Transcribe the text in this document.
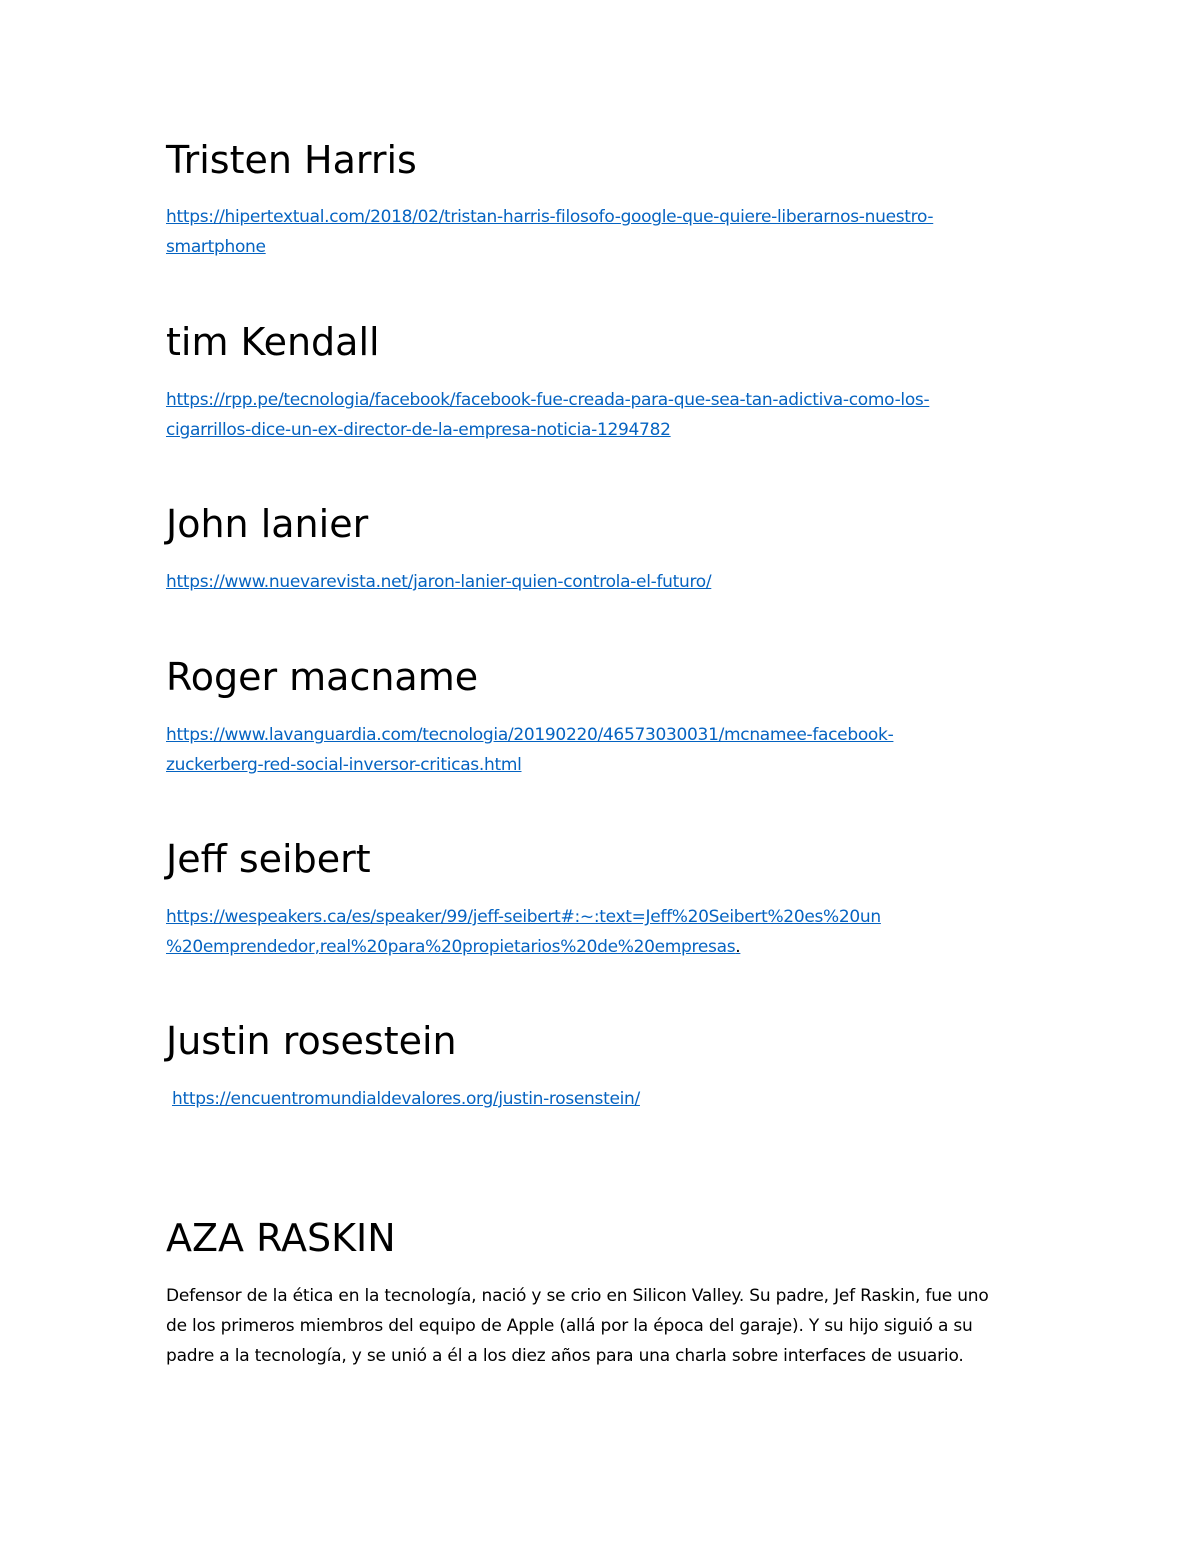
Tristen Harris

https://hipertextual.com/2018/02/tristan-harris-filosofo-google-que-quiere-liberarnos-nuestro-

smartphone

tim Kendall

https://rpp.pe/tecnologia/facebook/facebook-fue-creada-para-que-sea-tan-adictiva-como-los-

cigarrillos-dice-un-ex-director-de-la-empresa-noticia-1294782

John lanier

https://www.nuevarevista.net/jaron-lanier-quien-controla-el-futuro/

Roger macname

https://www.lavanguardia.com/tecnologia/20190220/46573030031/mcnamee-facebook-

zuckerberg-red-social-inversor-criticas.html

Jeff seibert

https://wespeakers.ca/es/speaker/99/jeff-seibert#:~:text=Jeff%20Seibert%20es%20un

%20emprendedor,real%20para%20propietarios%20de%20empresas.

Justin rosestein

https://encuentromundialdevalores.org/justin-rosenstein/

AZA RASKIN

Defensor de la ética en la tecnología, nació y se crio en Silicon Valley. Su padre, Jef Raskin, fue uno

de los primeros miembros del equipo de Apple (allá por la época del garaje). Y su hijo siguió a su

padre a la tecnología, y se unió a él a los diez años para una charla sobre interfaces de usuario.
